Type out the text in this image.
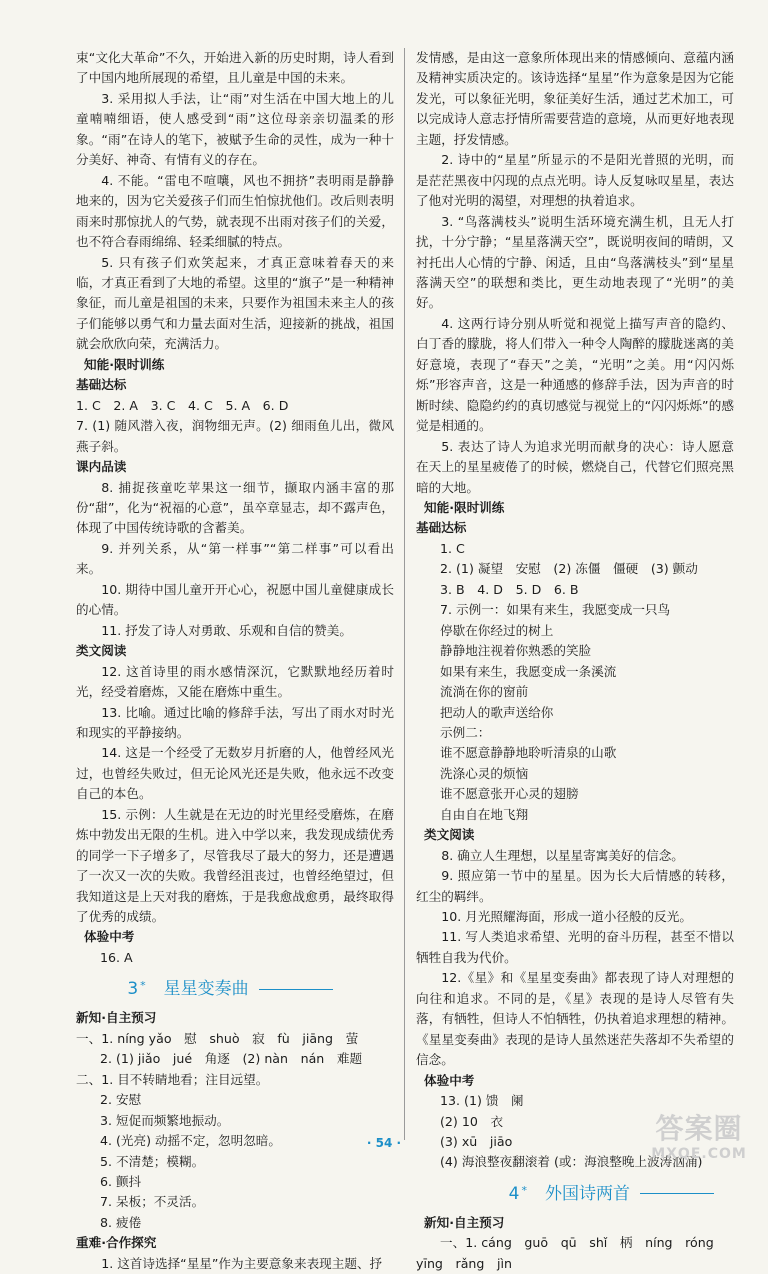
束“文化大革命”不久，开始进入新的历史时期，诗人看到了中国内地所展现的希望，且儿童是中国的未来。

3. 采用拟人手法，让“雨”对生活在中国大地上的儿童喃喃细语，使人感受到“雨”这位母亲亲切温柔的形象。“雨”在诗人的笔下，被赋予生命的灵性，成为一种十分美好、神奇、有情有义的存在。

4. 不能。“雷电不喧嚷，风也不拥挤”表明雨是静静地来的，因为它关爱孩子们而生怕惊扰他们。改后则表明雨来时那惊扰人的气势，就表现不出雨对孩子们的关爱，也不符合春雨绵绵、轻柔细腻的特点。

5. 只有孩子们欢笑起来，才真正意味着春天的来临，才真正看到了大地的希望。这里的“旗子”是一种精神象征，而儿童是祖国的未来，只要作为祖国未来主人的孩子们能够以勇气和力量去面对生活，迎接新的挑战，祖国就会欣欣向荣，充满活力。

知能·限时训练

基础达标

1. C　2. A　3. C　4. C　5. A　6. D

7. (1) 随风潜入夜，润物细无声。(2) 细雨鱼儿出，微风燕子斜。

课内品读

8. 捕捉孩童吃苹果这一细节，撷取内涵丰富的那份“甜”，化为“祝福的心意”，虽卒章显志，却不露声色，体现了中国传统诗歌的含蓄美。

9. 并列关系，从“第一样事”“第二样事”可以看出来。

10. 期待中国儿童开开心心，祝愿中国儿童健康成长的心情。

11. 抒发了诗人对勇敢、乐观和自信的赞美。

类文阅读

12. 这首诗里的雨水感情深沉，它默默地经历着时光，经受着磨炼，又能在磨炼中重生。

13. 比喻。通过比喻的修辞手法，写出了雨水对时光和现实的平静接纳。

14. 这是一个经受了无数岁月折磨的人，他曾经风光过，也曾经失败过，但无论风光还是失败，他永远不改变自己的本色。

15. 示例：人生就是在无边的时光里经受磨炼，在磨炼中勃发出无限的生机。进入中学以来，我发现成绩优秀的同学一下子增多了，尽管我尽了最大的努力，还是遭遇了一次又一次的失败。我曾经沮丧过，也曾经绝望过，但我知道这是上天对我的磨炼，于是我愈战愈勇，最终取得了优秀的成绩。

体验中考

16. A

3 * 星星变奏曲

新知·自主预习

一、1. níng yǎo　慰　shuò　寂　fù　jiāng　萤

2. (1) jiǎo　jué　角逐　(2) nàn　nán　难题

二、1. 目不转睛地看；注目远望。

2. 安慰

3. 短促而频繁地振动。

4. (光亮) 动摇不定，忽明忽暗。

5. 不清楚；模糊。

6. 颤抖

7. 呆板；不灵活。

8. 疲倦

重难·合作探究

1. 这首诗选择“星星”作为主要意象来表现主题、抒

发情感，是由这一意象所体现出来的情感倾向、意蕴内涵及精神实质决定的。该诗选择“星星”作为意象是因为它能发光，可以象征光明，象征美好生活，通过艺术加工，可以完成诗人意志抒情所需要营造的意境，从而更好地表现主题，抒发情感。

2. 诗中的“星星”所显示的不是阳光普照的光明，而是茫茫黑夜中闪现的点点光明。诗人反复咏叹星星，表达了他对光明的渴望，对理想的执着追求。

3. “鸟落满枝头”说明生活环境充满生机，且无人打扰，十分宁静；“星星落满天空”，既说明夜间的晴朗，又衬托出人心情的宁静、闲适，且由“鸟落满枝头”到“星星落满天空”的联想和类比，更生动地表现了“光明”的美好。

4. 这两行诗分别从听觉和视觉上描写声音的隐约、白丁香的朦胧，将人们带入一种令人陶醉的朦胧迷离的美好意境，表现了“春天”之美，“光明”之美。用“闪闪烁烁”形容声音，这是一种通感的修辞手法，因为声音的时断时续、隐隐约约的真切感觉与视觉上的“闪闪烁烁”的感觉是相通的。

5. 表达了诗人为追求光明而献身的决心：诗人愿意在天上的星星疲倦了的时候，燃烧自己，代替它们照亮黑暗的大地。

知能·限时训练

基础达标

1. C

2. (1) 凝望　安慰　(2) 冻僵　僵硬　(3) 颤动

3. B　4. D　5. D　6. B

7. 示例一：如果有来生，我愿变成一只鸟

停歇在你经过的树上

静静地注视着你熟悉的笑脸

如果有来生，我愿变成一条溪流

流淌在你的窗前

把动人的歌声送给你

示例二：

谁不愿意静静地聆听清泉的山歌

洗涤心灵的烦恼

谁不愿意张开心灵的翅膀

自由自在地飞翔

类文阅读

8. 确立人生理想，以星星寄寓美好的信念。

9. 照应第一节中的星星。因为长大后情感的转移，红尘的羁绊。

10. 月光照耀海面，形成一道小径般的反光。

11. 写人类追求希望、光明的奋斗历程，甚至不惜以牺牲自我为代价。

12.《星》和《星星变奏曲》都表现了诗人对理想的向往和追求。不同的是，《星》表现的是诗人尽管有失落，有牺牲，但诗人不怕牺牲，仍执着追求理想的精神。《星星变奏曲》表现的是诗人虽然迷茫失落却不失希望的信念。

体验中考

13. (1) 馈　阑

(2) 10　衣

(3) xū　jiāo

(4) 海浪整夜翻滚着 (或：海浪整晚上波涛汹涌)

4 * 外国诗两首

新知·自主预习

一、1. cáng　guō　qū　shǐ　柄　níng　róng

yīng　rǎng　jìn

· 54 ·	答案圈
MXQE.COM
